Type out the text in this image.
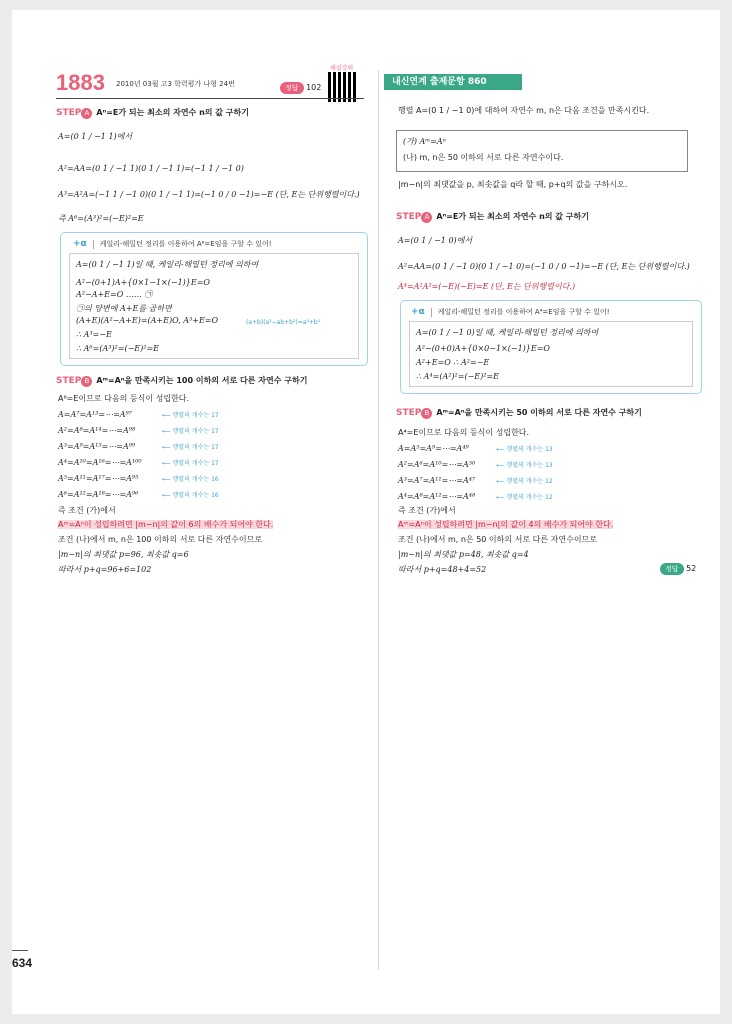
해설강의
1883 2010년 03월 고3 학력평가 나형 24번	정답 102
STEP A Aⁿ=E가 되는 최소의 자연수 n의 값 구하기
A=(0 1 / −1 1)에서
A²=AA=(0 1 / −1 1)(0 1 / −1 1)=(−1 1 / −1 0)
A³=A²A=(−1 1 / −1 0)(0 1 / −1 1)=(−1 0 / 0 −1)=−E (단, E는 단위행렬이다.)
즉 A⁶=(A³)²=(−E)²=E
+α 케일리-해밀턴 정리를 이용하여 A⁶=E임을 구할 수 있어!
A=(0 1 / −1 1)일 때, 케일리-해밀턴 정리에 의하여
A²−(0+1)A+{0×1−1×(−1)}E=O
A²−A+E=O …… ㉠
㉠의 양변에 A+E를 곱하면
(A+E)(A²−A+E)=(A+E)O, A³+E=O	(a+b)(a²−ab+b²)=a³+b³
∴ A³=−E
∴ A⁶=(A³)²=(−E)²=E
STEP B Aᵐ=Aⁿ을 만족시키는 100 이하의 서로 다른 자연수 구하기
A⁶=E이므로 다음의 등식이 성립한다.
A=A⁷=A¹³=⋯=A⁹⁷	⟵ 행렬의 개수는 17
A²=A⁸=A¹⁴=⋯=A⁹⁸	⟵ 행렬의 개수는 17
A³=A⁹=A¹⁵=⋯=A⁹⁹	⟵ 행렬의 개수는 17
A⁴=A¹⁰=A¹⁶=⋯=A¹⁰⁰	⟵ 행렬의 개수는 17
A⁵=A¹¹=A¹⁷=⋯=A⁹⁵	⟵ 행렬의 개수는 16
A⁶=A¹²=A¹⁸=⋯=A⁹⁶	⟵ 행렬의 개수는 16
즉 조건 (가)에서
Aᵐ=Aⁿ이 성립하려면 |m−n|의 값이 6의 배수가 되어야 한다.
조건 (나)에서 m, n은 100 이하의 서로 다른 자연수이므로
|m−n|의 최댓값 p=96, 최솟값 q=6
따라서 p+q=96+6=102
634
내신연계 출제문항 860
행렬 A=(0 1 / −1 0)에 대하여 자연수 m, n은 다음 조건을 만족시킨다.
(가) Aᵐ=Aⁿ
(나) m, n은 50 이하의 서로 다른 자연수이다.
|m−n|의 최댓값을 p, 최솟값을 q라 할 때, p+q의 값을 구하시오.
STEP A Aⁿ=E가 되는 최소의 자연수 n의 값 구하기
A=(0 1 / −1 0)에서
A²=AA=(0 1 / −1 0)(0 1 / −1 0)=(−1 0 / 0 −1)=−E (단, E는 단위행렬이다.)
A⁴=A²A²=(−E)(−E)=E (단, E는 단위행렬이다.)
+α 케일리-해밀턴 정리를 이용하여 A⁴=E임을 구할 수 있어!
A=(0 1 / −1 0)일 때, 케일리-해밀턴 정리에 의하여
A²−(0+0)A+{0×0−1×(−1)}E=O
A²+E=O ∴ A²=−E
∴ A⁴=(A²)²=(−E)²=E
STEP B Aᵐ=Aⁿ을 만족시키는 50 이하의 서로 다른 자연수 구하기
A⁴=E이므로 다음의 등식이 성립한다.
A=A⁵=A⁹=⋯=A⁴⁹	⟵ 행렬의 개수는 13
A²=A⁶=A¹⁰=⋯=A⁵⁰	⟵ 행렬의 개수는 13
A³=A⁷=A¹¹=⋯=A⁴⁷	⟵ 행렬의 개수는 12
A⁴=A⁸=A¹²=⋯=A⁴⁸	⟵ 행렬의 개수는 12
즉 조건 (가)에서
Aᵐ=Aⁿ이 성립하려면 |m−n|의 값이 4의 배수가 되어야 한다.
조건 (나)에서 m, n은 50 이하의 서로 다른 자연수이므로
|m−n|의 최댓값 p=48, 최솟값 q=4
따라서 p+q=48+4=52	정답 52
